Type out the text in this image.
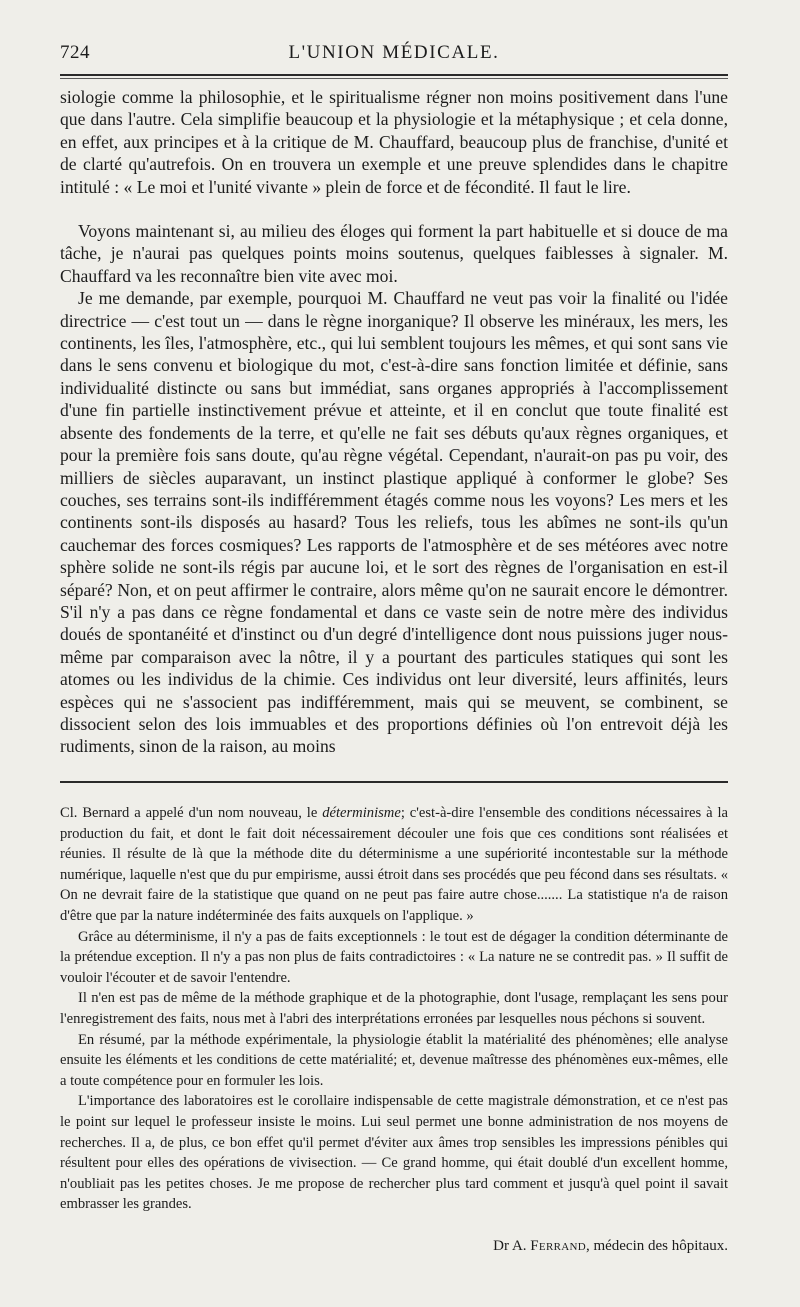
724	L'UNION MÉDICALE.

siologie comme la philosophie, et le spiritualisme régner non moins positivement dans l'une que dans l'autre. Cela simplifie beaucoup et la physiologie et la métaphysique ; et cela donne, en effet, aux principes et à la critique de M. Chauffard, beaucoup plus de franchise, d'unité et de clarté qu'autrefois. On en trouvera un exemple et une preuve splendides dans le chapitre intitulé : « Le moi et l'unité vivante » plein de force et de fécondité. Il faut le lire.

Voyons maintenant si, au milieu des éloges qui forment la part habituelle et si douce de ma tâche, je n'aurai pas quelques points moins soutenus, quelques faiblesses à signaler. M. Chauffard va les reconnaître bien vite avec moi.

Je me demande, par exemple, pourquoi M. Chauffard ne veut pas voir la finalité ou l'idée directrice — c'est tout un — dans le règne inorganique? Il observe les minéraux, les mers, les continents, les îles, l'atmosphère, etc., qui lui semblent toujours les mêmes, et qui sont sans vie dans le sens convenu et biologique du mot, c'est-à-dire sans fonction limitée et définie, sans individualité distincte ou sans but immédiat, sans organes appropriés à l'accomplissement d'une fin partielle instinctivement prévue et atteinte, et il en conclut que toute finalité est absente des fondements de la terre, et qu'elle ne fait ses débuts qu'aux règnes organiques, et pour la première fois sans doute, qu'au règne végétal. Cependant, n'aurait-on pas pu voir, des milliers de siècles auparavant, un instinct plastique appliqué à conformer le globe? Ses couches, ses terrains sont-ils indifféremment étagés comme nous les voyons? Les mers et les continents sont-ils disposés au hasard? Tous les reliefs, tous les abîmes ne sont-ils qu'un cauchemar des forces cosmiques? Les rapports de l'atmosphère et de ses météores avec notre sphère solide ne sont-ils régis par aucune loi, et le sort des règnes de l'organisation en est-il séparé? Non, et on peut affirmer le contraire, alors même qu'on ne saurait encore le démontrer. S'il n'y a pas dans ce règne fondamental et dans ce vaste sein de notre mère des individus doués de spontanéité et d'instinct ou d'un degré d'intelligence dont nous puissions juger nous-même par comparaison avec la nôtre, il y a pourtant des particules statiques qui sont les atomes ou les individus de la chimie. Ces individus ont leur diversité, leurs affinités, leurs espèces qui ne s'associent pas indifféremment, mais qui se meuvent, se combinent, se dissocient selon des lois immuables et des proportions définies où l'on entrevoit déjà les rudiments, sinon de la raison, au moins

Cl. Bernard a appelé d'un nom nouveau, le déterminisme; c'est-à-dire l'ensemble des conditions nécessaires à la production du fait, et dont le fait doit nécessairement découler une fois que ces conditions sont réalisées et réunies. Il résulte de là que la méthode dite du déterminisme a une supériorité incontestable sur la méthode numérique, laquelle n'est que du pur empirisme, aussi étroit dans ses procédés que peu fécond dans ses résultats. « On ne devrait faire de la statistique que quand on ne peut pas faire autre chose....... La statistique n'a de raison d'être que par la nature indéterminée des faits auxquels on l'applique. »

Grâce au déterminisme, il n'y a pas de faits exceptionnels : le tout est de dégager la condition déterminante de la prétendue exception. Il n'y a pas non plus de faits contradictoires : « La nature ne se contredit pas. » Il suffit de vouloir l'écouter et de savoir l'entendre.

Il n'en est pas de même de la méthode graphique et de la photographie, dont l'usage, remplaçant les sens pour l'enregistrement des faits, nous met à l'abri des interprétations erronées par lesquelles nous péchons si souvent.

En résumé, par la méthode expérimentale, la physiologie établit la matérialité des phénomènes; elle analyse ensuite les éléments et les conditions de cette matérialité; et, devenue maîtresse des phénomènes eux-mêmes, elle a toute compétence pour en formuler les lois.

L'importance des laboratoires est le corollaire indispensable de cette magistrale démonstration, et ce n'est pas le point sur lequel le professeur insiste le moins. Lui seul permet une bonne administration de nos moyens de recherches. Il a, de plus, ce bon effet qu'il permet d'éviter aux âmes trop sensibles les impressions pénibles qui résultent pour elles des opérations de vivisection. — Ce grand homme, qui était doublé d'un excellent homme, n'oubliait pas les petites choses. Je me propose de rechercher plus tard comment et jusqu'à quel point il savait embrasser les grandes.

Dr A. Ferrand, médecin des hôpitaux.
